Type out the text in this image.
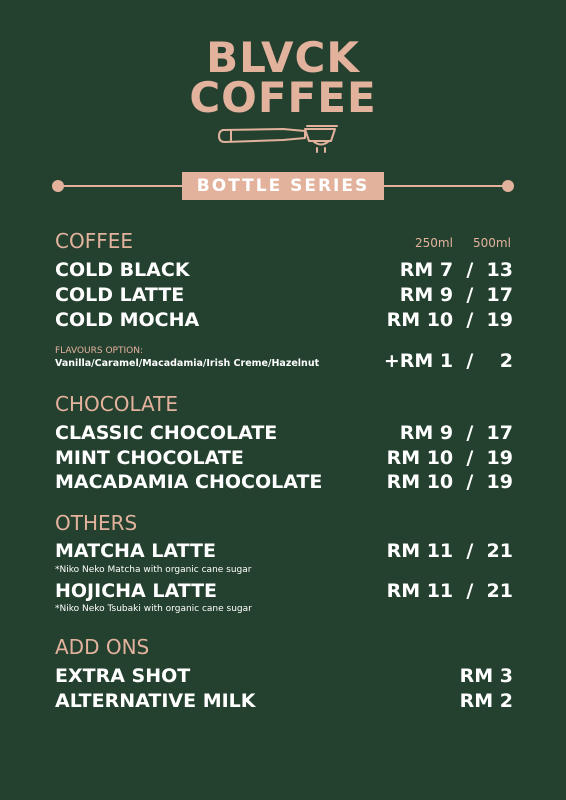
BLVCK
COFFEE
BOTTLE SERIES
COFFEE	250ml 500ml
COLD BLACK	RM 7  /  13
COLD LATTE	RM 9  /  17
COLD MOCHA	RM 10  /  19
FLAVOURS OPTION:
Vanilla/Caramel/Macadamia/Irish Creme/Hazelnut	+RM 1  /    2
CHOCOLATE
CLASSIC CHOCOLATE	RM 9  /  17
MINT CHOCOLATE	RM 10  /  19
MACADAMIA CHOCOLATE	RM 10  /  19
OTHERS
MATCHA LATTE	RM 11  /  21
*Niko Neko Matcha with organic cane sugar
HOJICHA LATTE	RM 11  /  21
*Niko Neko Tsubaki with organic cane sugar
ADD ONS
EXTRA SHOT	RM 3
ALTERNATIVE MILK	RM 2
